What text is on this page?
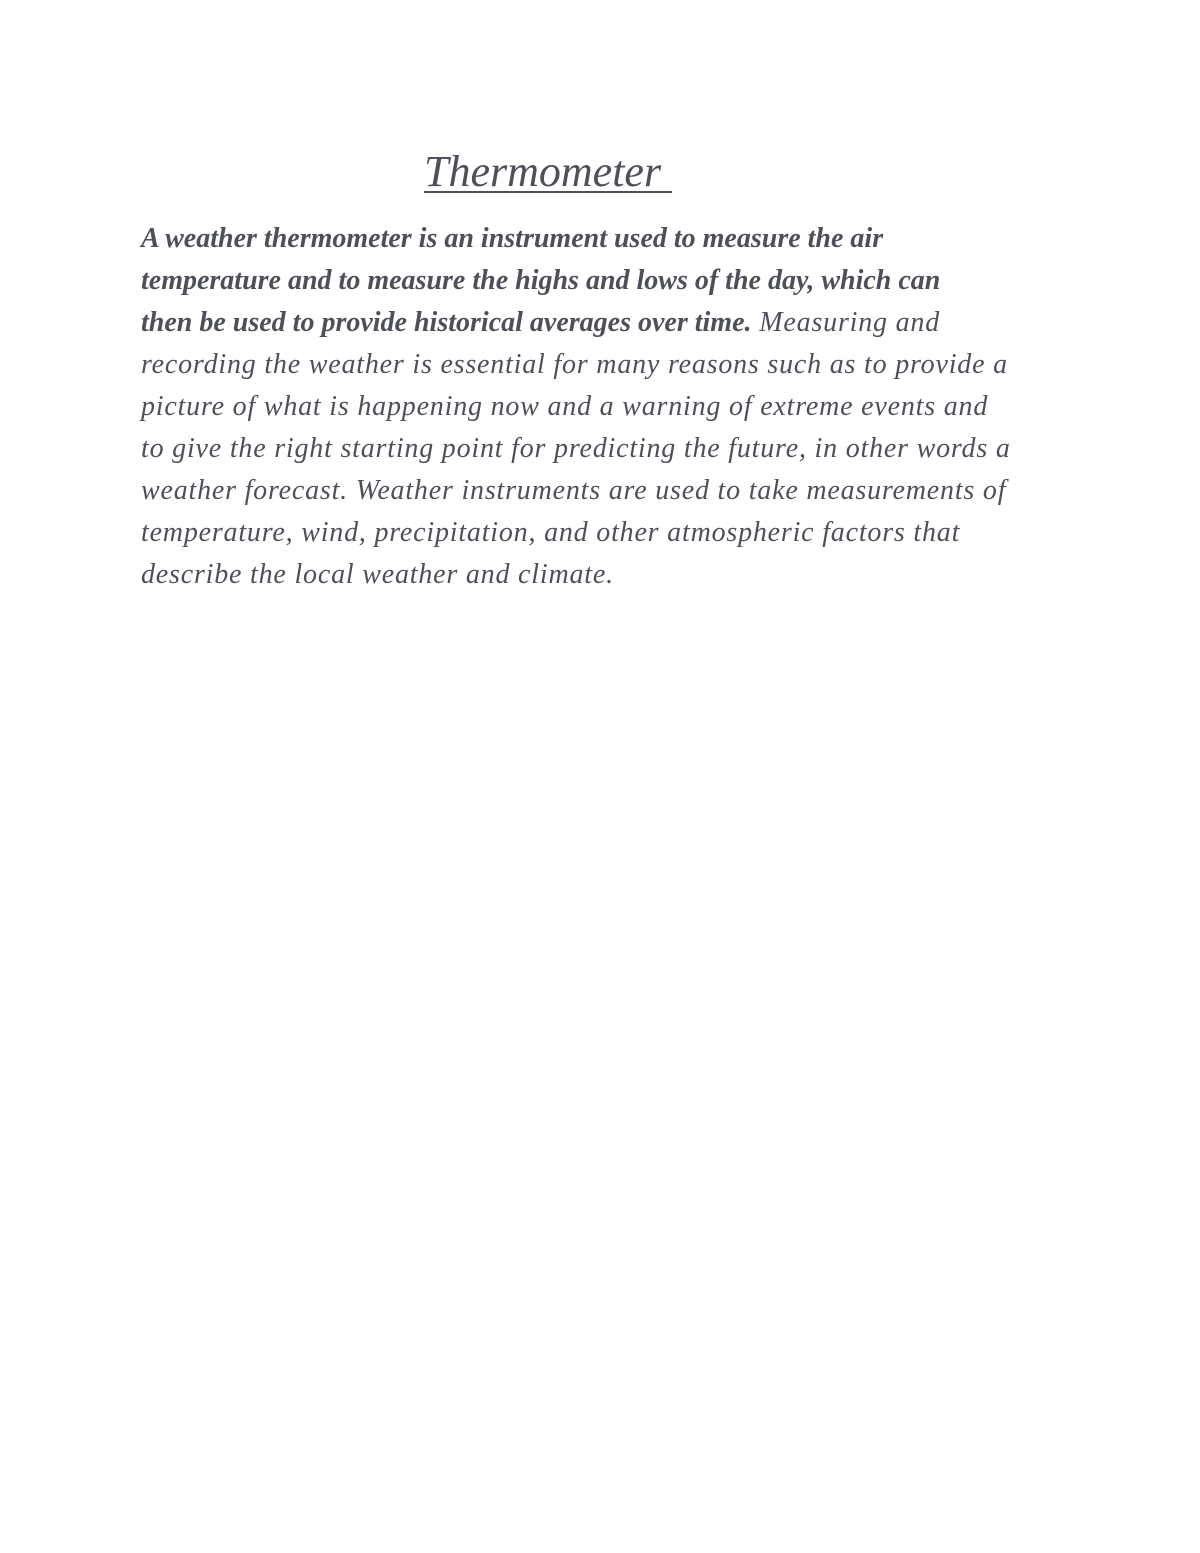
Thermometer
A weather thermometer is an instrument used to measure the air
temperature and to measure the highs and lows of the day, which can
then be used to provide historical averages over time. Measuring and
recording the weather is essential for many reasons such as to provide a
picture of what is happening now and a warning of extreme events and
to give the right starting point for predicting the future, in other words a
weather forecast. Weather instruments are used to take measurements of
temperature, wind, precipitation, and other atmospheric factors that
describe the local weather and climate.
